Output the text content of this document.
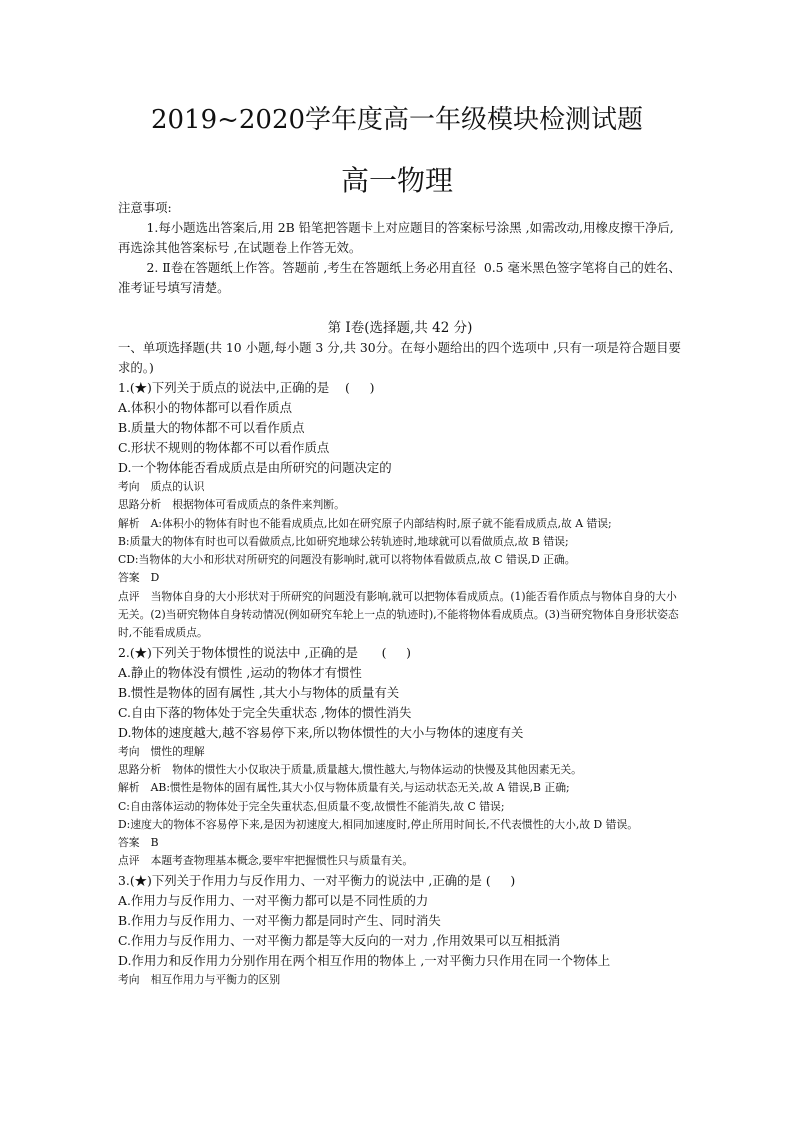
2019~2020学年度高一年级模块检测试题
高一物理

注意事项:

1.每小题选出答案后,用 2B 铅笔把答题卡上对应题目的答案标号涂黑 ,如需改动,用橡皮擦干净后,再选涂其他答案标号 ,在试题卷上作答无效。

2. Ⅱ卷在答题纸上作答。答题前 ,考生在答题纸上务必用直径  0.5 毫米黑色签字笔将自己的姓名、准考证号填写清楚。

第 Ⅰ卷(选择题,共 42 分)

一、单项选择题(共 10 小题,每小题 3 分,共 30分。在每小题给出的四个选项中 ,只有一项是符合题目要求的。)

1.(★)下列关于质点的说法中,正确的是    (     )

A.体积小的物体都可以看作质点

B.质量大的物体都不可以看作质点

C.形状不规则的物体都不可以看作质点

D.一个物体能否看成质点是由所研究的问题决定的

考向 质点的认识

思路分析 根据物体可看成质点的条件来判断。

解析 A:体积小的物体有时也不能看成质点,比如在研究原子内部结构时,原子就不能看成质点,故 A 错误;

B:质量大的物体有时也可以看做质点,比如研究地球公转轨迹时,地球就可以看做质点,故 B 错误;

CD:当物体的大小和形状对所研究的问题没有影响时,就可以将物体看做质点,故 C 错误,D 正确。

答案 D

点评 当物体自身的大小形状对于所研究的问题没有影响,就可以把物体看成质点。(1)能否看作质点与物体自身的大小无关。(2)当研究物体自身转动情况(例如研究车轮上一点的轨迹时),不能将物体看成质点。(3)当研究物体自身形状姿态时,不能看成质点。

2.(★)下列关于物体惯性的说法中 ,正确的是      (     )

A.静止的物体没有惯性 ,运动的物体才有惯性

B.惯性是物体的固有属性 ,其大小与物体的质量有关

C.自由下落的物体处于完全失重状态 ,物体的惯性消失

D.物体的速度越大,越不容易停下来,所以物体惯性的大小与物体的速度有关

考向 惯性的理解

思路分析 物体的惯性大小仅取决于质量,质量越大,惯性越大,与物体运动的快慢及其他因素无关。

解析 AB:惯性是物体的固有属性,其大小仅与物体质量有关,与运动状态无关,故 A 错误,B 正确;

C:自由落体运动的物体处于完全失重状态,但质量不变,故惯性不能消失,故 C 错误;

D:速度大的物体不容易停下来,是因为初速度大,相同加速度时,停止所用时间长,不代表惯性的大小,故 D 错误。

答案 B

点评 本题考查物理基本概念,要牢牢把握惯性只与质量有关。

3.(★)下列关于作用力与反作用力、一对平衡力的说法中 ,正确的是 (     )

A.作用力与反作用力、一对平衡力都可以是不同性质的力

B.作用力与反作用力、一对平衡力都是同时产生、同时消失

C.作用力与反作用力、一对平衡力都是等大反向的一对力 ,作用效果可以互相抵消

D.作用力和反作用力分别作用在两个相互作用的物体上 ,一对平衡力只作用在同一个物体上

考向 相互作用力与平衡力的区别
